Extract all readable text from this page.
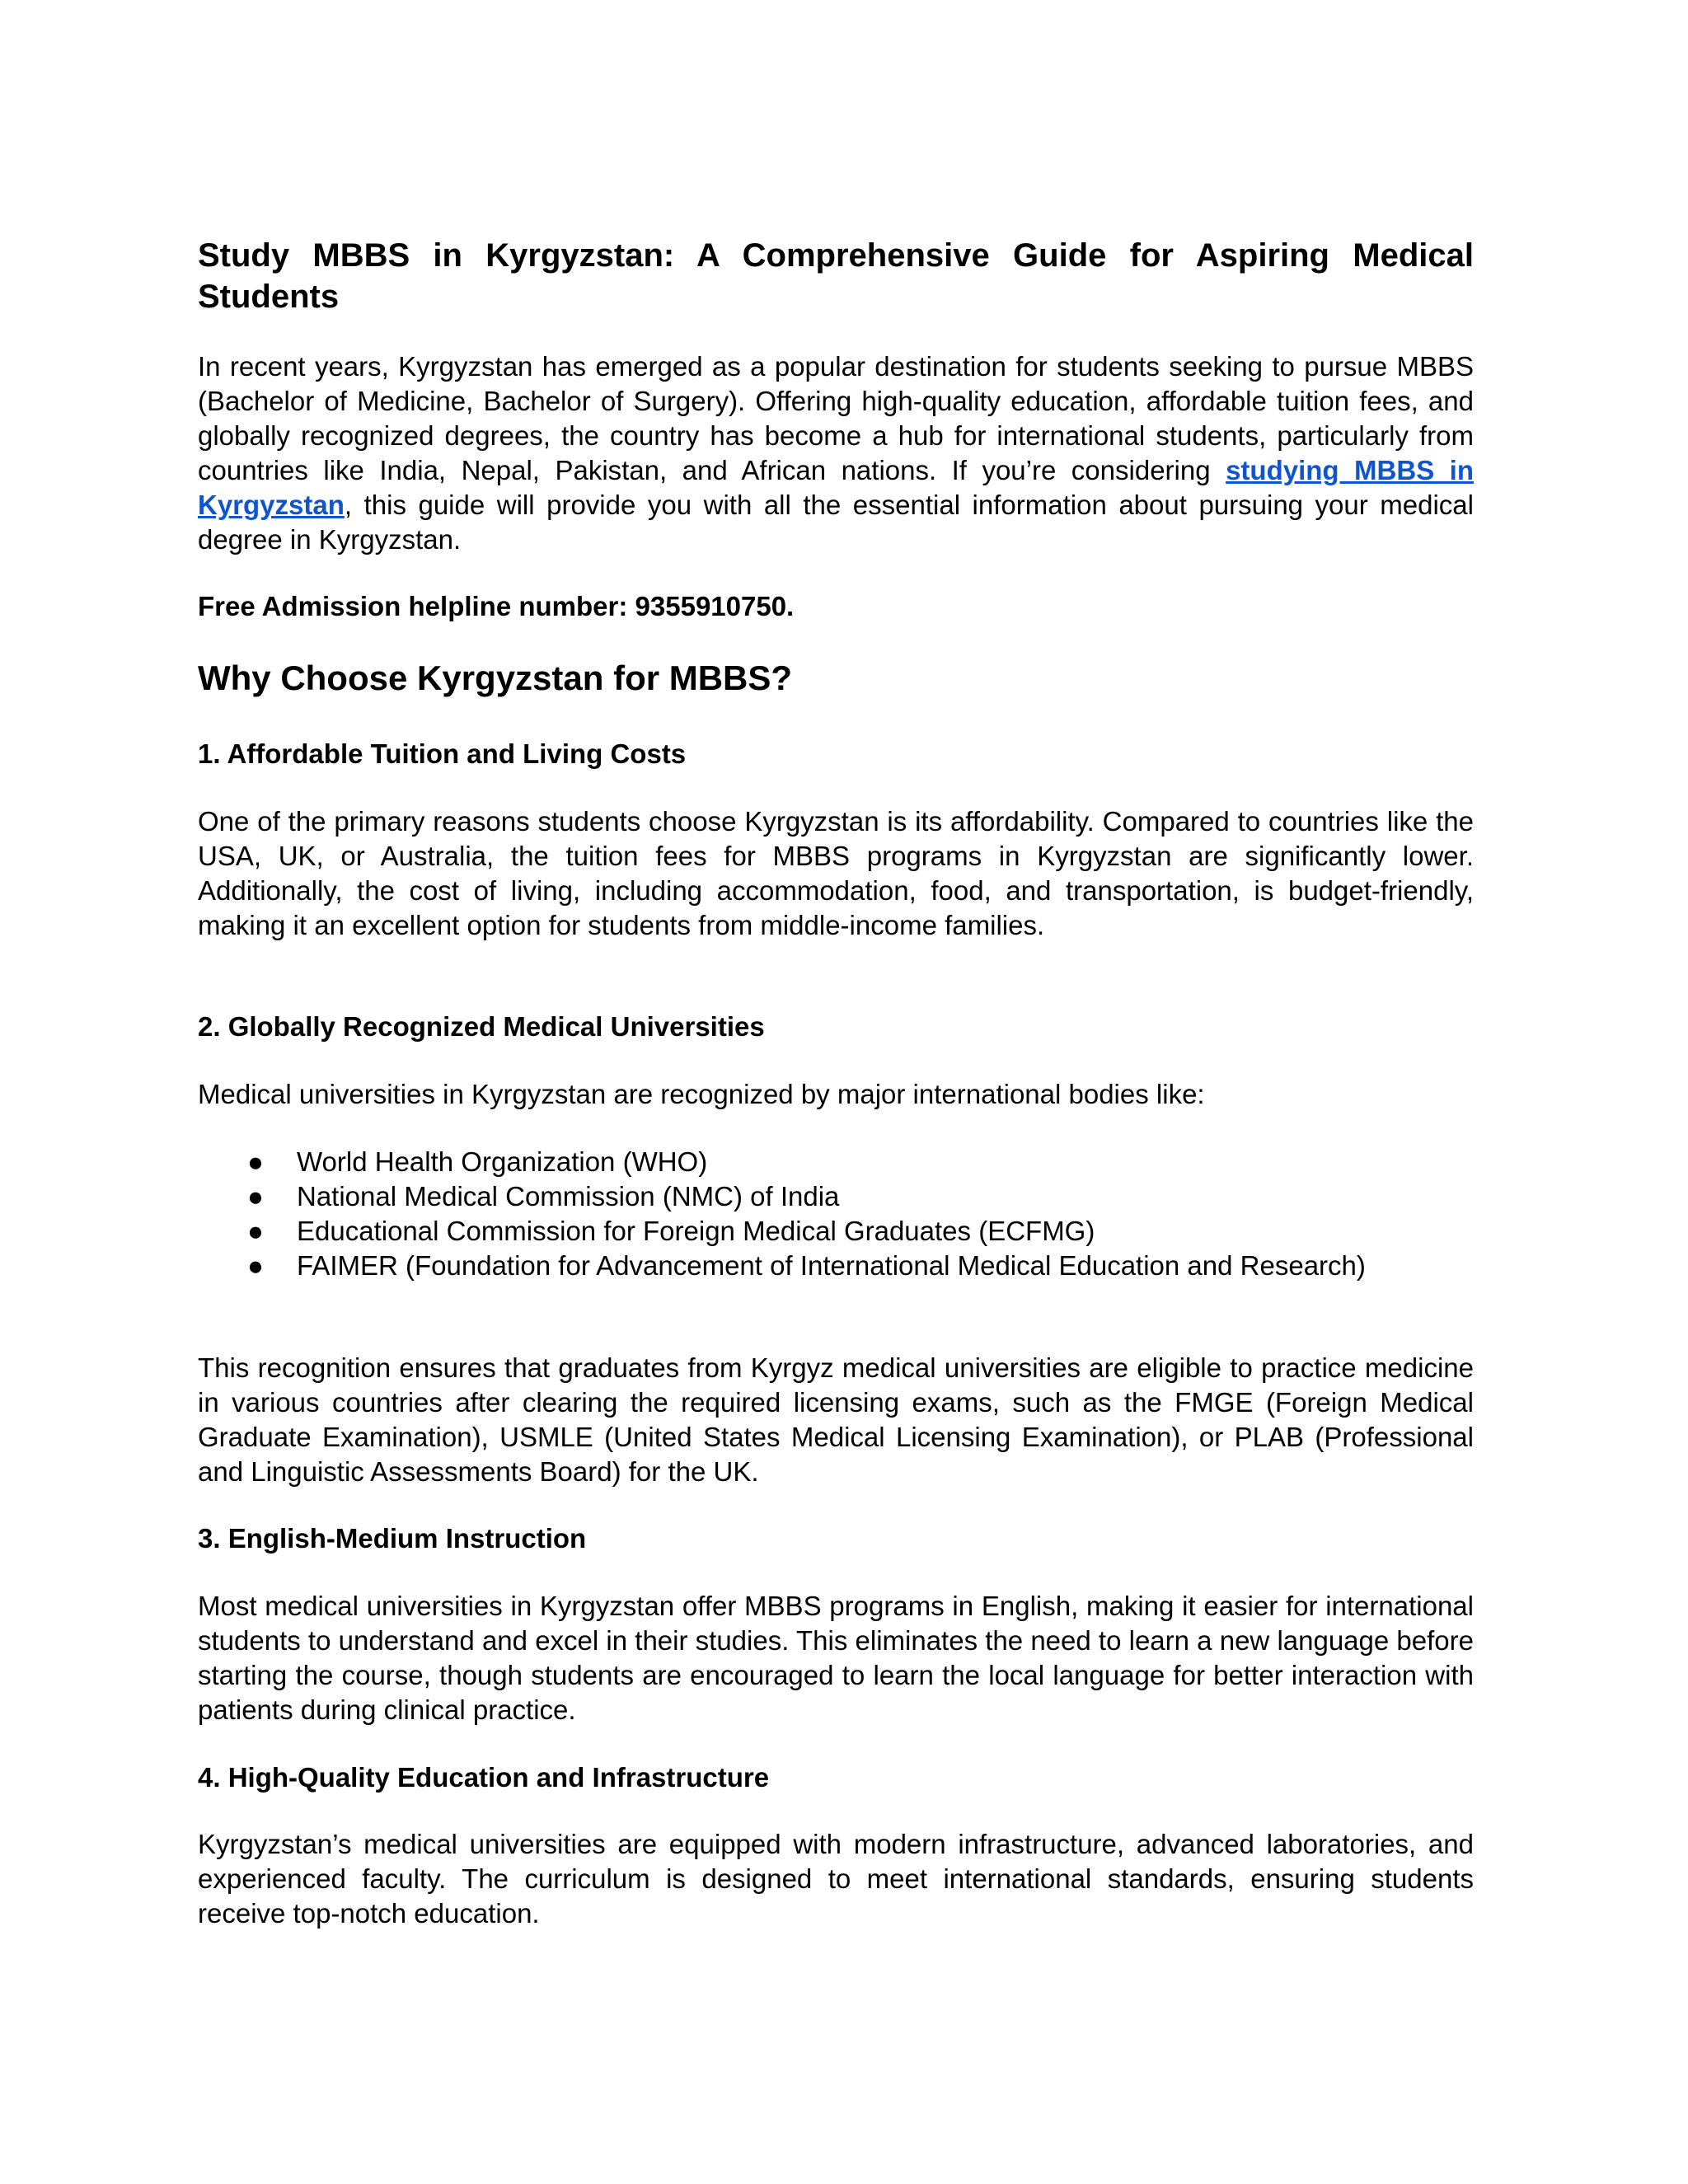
Study MBBS in Kyrgyzstan: A Comprehensive Guide for Aspiring Medical Students

In recent years, Kyrgyzstan has emerged as a popular destination for students seeking to pursue MBBS (Bachelor of Medicine, Bachelor of Surgery). Offering high-quality education, affordable tuition fees, and globally recognized degrees, the country has become a hub for international students, particularly from countries like India, Nepal, Pakistan, and African nations. If you’re considering studying MBBS in Kyrgyzstan, this guide will provide you with all the essential information about pursuing your medical degree in Kyrgyzstan.

Free Admission helpline number: 9355910750.

Why Choose Kyrgyzstan for MBBS?
1. Affordable Tuition and Living Costs

One of the primary reasons students choose Kyrgyzstan is its affordability. Compared to countries like the USA, UK, or Australia, the tuition fees for MBBS programs in Kyrgyzstan are significantly lower. Additionally, the cost of living, including accommodation, food, and transportation, is budget-friendly, making it an excellent option for students from middle-income families.

2. Globally Recognized Medical Universities

Medical universities in Kyrgyzstan are recognized by major international bodies like:

● World Health Organization (WHO)
● National Medical Commission (NMC) of India
● Educational Commission for Foreign Medical Graduates (ECFMG)
● FAIMER (Foundation for Advancement of International Medical Education and Research)

This recognition ensures that graduates from Kyrgyz medical universities are eligible to practice medicine in various countries after clearing the required licensing exams, such as the FMGE (Foreign Medical Graduate Examination), USMLE (United States Medical Licensing Examination), or PLAB (Professional and Linguistic Assessments Board) for the UK.

3. English-Medium Instruction

Most medical universities in Kyrgyzstan offer MBBS programs in English, making it easier for international students to understand and excel in their studies. This eliminates the need to learn a new language before starting the course, though students are encouraged to learn the local language for better interaction with patients during clinical practice.

4. High-Quality Education and Infrastructure

Kyrgyzstan’s medical universities are equipped with modern infrastructure, advanced laboratories, and experienced faculty. The curriculum is designed to meet international standards, ensuring students receive top-notch education.
